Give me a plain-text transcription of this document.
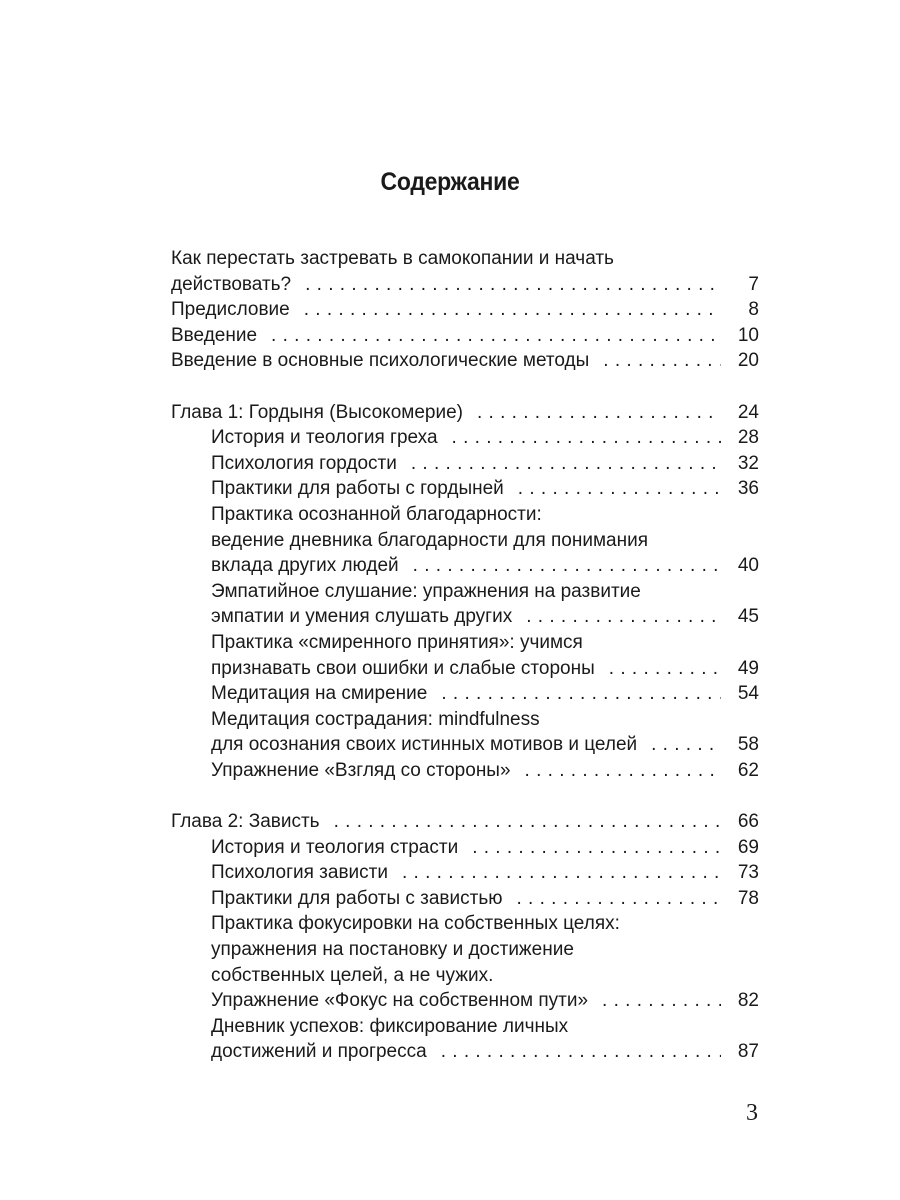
Содержание
Как перестать застревать в самокопании и начать
действовать? . . .	7
Предисловие . . .	8
Введение . . .	10
Введение в основные психологические методы . . .	20
Глава 1: Гордыня (Высокомерие) . . .	24
История и теология греха . . .	28
Психология гордости . . .	32
Практики для работы с гордыней . . .	36
Практика осознанной благодарности:
ведение дневника благодарности для понимания
вклада других людей . . .	40
Эмпатийное слушание: упражнения на развитие
эмпатии и умения слушать других . . .	45
Практика «смиренного принятия»: учимся
признавать свои ошибки и слабые стороны . . .	49
Медитация на смирение . . .	54
Медитация сострадания: mindfulness
для осознания своих истинных мотивов и целей . . .	58
Упражнение «Взгляд со стороны» . . .	62
Глава 2: Зависть . . .	66
История и теология страсти . . .	69
Психология зависти . . .	73
Практики для работы с завистью . . .	78
Практика фокусировки на собственных целях:
упражнения на постановку и достижение
собственных целей, а не чужих.
Упражнение «Фокус на собственном пути» . . .	82
Дневник успехов: фиксирование личных
достижений и прогресса . . .	87
3
